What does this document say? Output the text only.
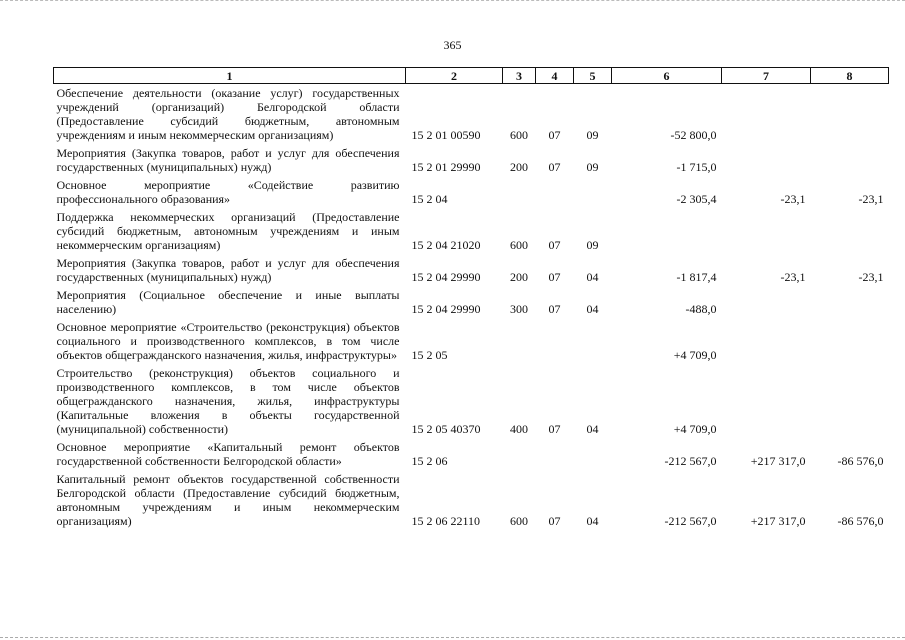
365
1	2	3	4	5	6	7	8
Обеспечение деятельности (оказание услуг) государственных учреждений (организаций) Белгородской области (Предоставление субсидий бюджетным, автономным учреждениям и иным некоммерческим организациям)	15 2 01 00590	600	07	09	-52 800,0		
Мероприятия (Закупка товаров, работ и услуг для обеспечения государственных (муниципальных) нужд)	15 2 01 29990	200	07	09	-1 715,0		
Основное мероприятие «Содействие развитию профессионального образования»	15 2 04				-2 305,4	-23,1	-23,1
Поддержка некоммерческих организаций (Предоставление субсидий бюджетным, автономным учреждениям и иным некоммерческим организациям)	15 2 04 21020	600	07	09			
Мероприятия (Закупка товаров, работ и услуг для обеспечения государственных (муниципальных) нужд)	15 2 04 29990	200	07	04	-1 817,4	-23,1	-23,1
Мероприятия (Социальное обеспечение и иные выплаты населению)	15 2 04 29990	300	07	04	-488,0		
Основное мероприятие «Строительство (реконструкция) объектов социального и производственного комплексов, в том числе объектов общегражданского назначения, жилья, инфраструктуры»	15 2 05				+4 709,0		
Строительство (реконструкция) объектов социального и производственного комплексов, в том числе объектов общегражданского назначения, жилья, инфраструктуры (Капитальные вложения в объекты государственной (муниципальной) собственности)	15 2 05 40370	400	07	04	+4 709,0		
Основное мероприятие «Капитальный ремонт объектов государственной собственности Белгородской области»	15 2 06				-212 567,0	+217 317,0	-86 576,0
Капитальный ремонт объектов государственной собственности Белгородской области (Предоставление субсидий бюджетным, автономным учреждениям и иным некоммерческим организациям)	15 2 06 22110	600	07	04	-212 567,0	+217 317,0	-86 576,0
